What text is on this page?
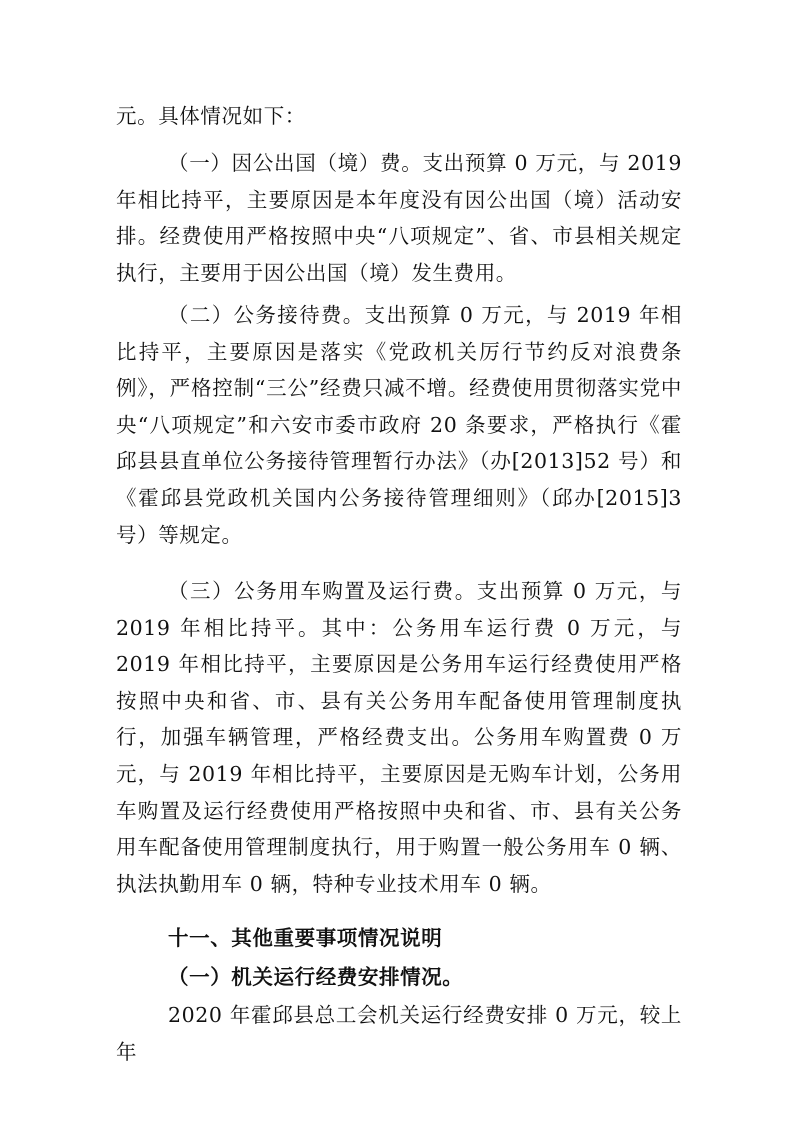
元。具体情况如下：

（一）因公出国（境）费。支出预算 0 万元，与 2019 年相比持平，主要原因是本年度没有因公出国（境）活动安排。经费使用严格按照中央“八项规定”、省、市县相关规定执行，主要用于因公出国（境）发生费用。

（二）公务接待费。支出预算 0 万元，与 2019 年相比持平，主要原因是落实《党政机关厉行节约反对浪费条例》，严格控制“三公”经费只减不增。经费使用贯彻落实党中央“八项规定”和六安市委市政府 20 条要求，严格执行《霍邱县县直单位公务接待管理暂行办法》（办[2013]52 号）和《霍邱县党政机关国内公务接待管理细则》（邱办[2015]3 号）等规定。

（三）公务用车购置及运行费。支出预算 0 万元，与 2019 年相比持平。其中：公务用车运行费 0 万元，与 2019 年相比持平，主要原因是公务用车运行经费使用严格按照中央和省、市、县有关公务用车配备使用管理制度执行，加强车辆管理，严格经费支出。公务用车购置费 0 万元，与 2019 年相比持平，主要原因是无购车计划，公务用车购置及运行经费使用严格按照中央和省、市、县有关公务用车配备使用管理制度执行，用于购置一般公务用车 0 辆、执法执勤用车 0 辆，特种专业技术用车 0 辆。

十一、其他重要事项情况说明

（一）机关运行经费安排情况。

2020 年霍邱县总工会机关运行经费安排 0 万元，较上年
